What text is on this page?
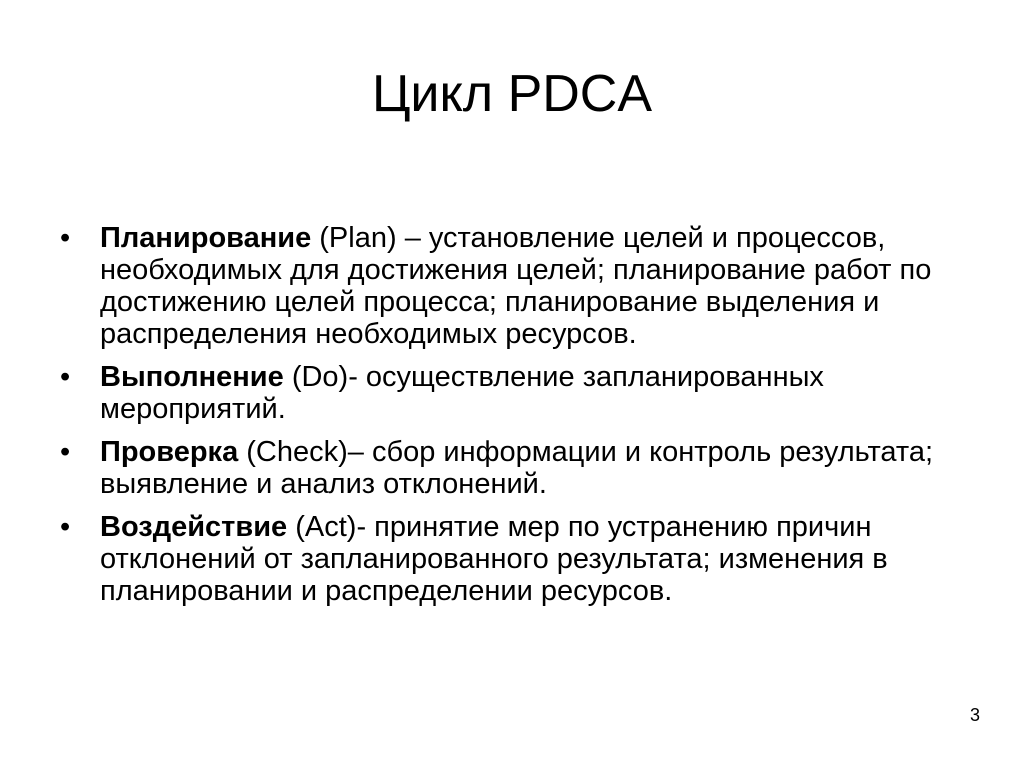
Цикл PDCA
•	Планирование (Plan) – установление целей и процессов, необходимых для достижения целей; планирование работ по достижению целей процесса; планирование выделения и распределения необходимых ресурсов.
•	Выполнение (Do)- осуществление запланированных мероприятий.
•	Проверка (Check)– сбор информации и контроль результата; выявление и анализ отклонений.
•	Воздействие (Act)- принятие мер по устранению причин отклонений от запланированного результата; изменения в планировании и распределении ресурсов.
3
